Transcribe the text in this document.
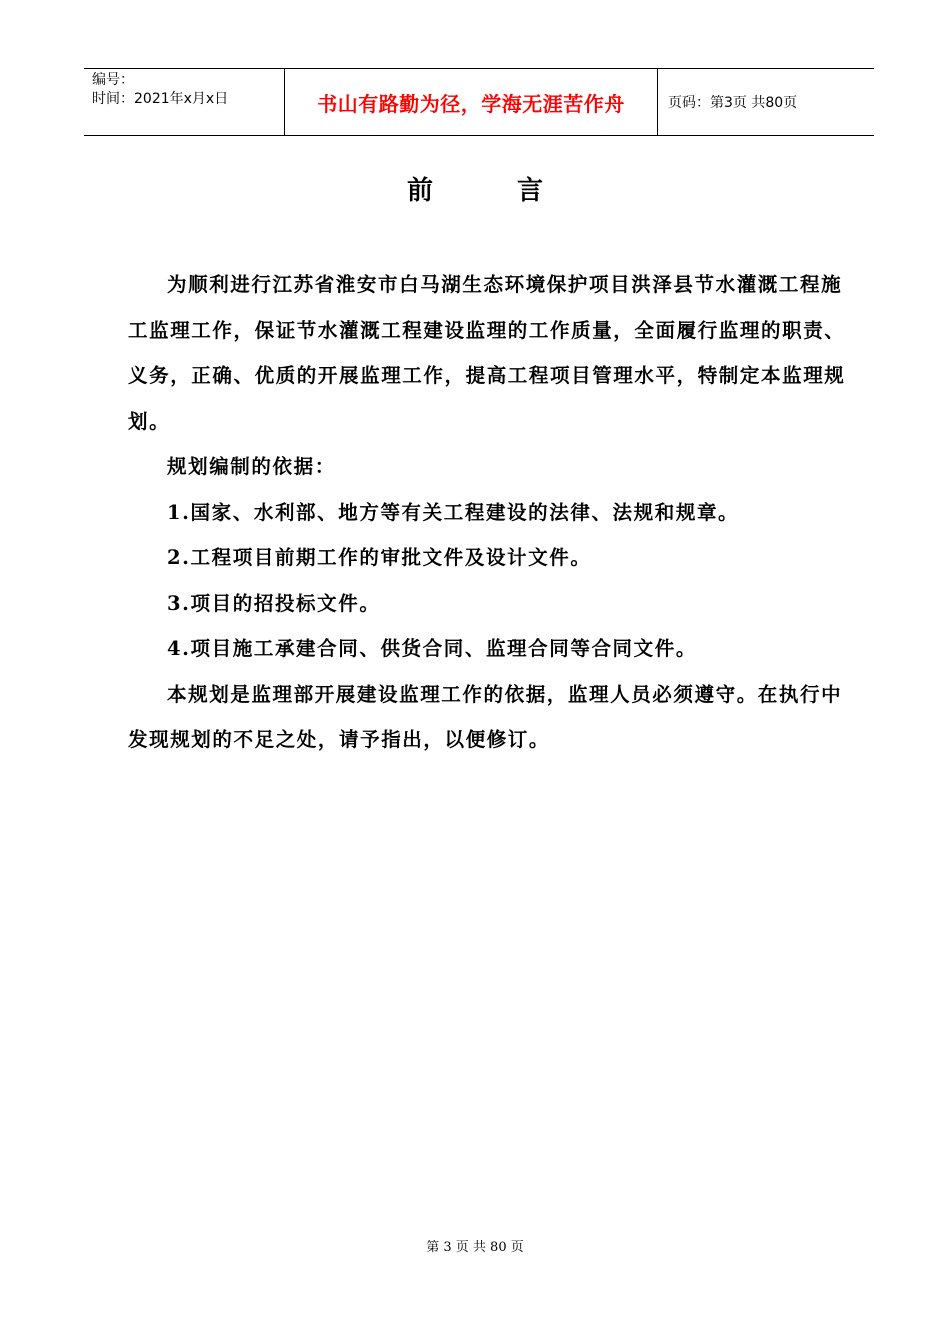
编号：
时间：2021年x月x日	书山有路勤为径，学海无涯苦作舟	页码：第3页 共80页
前言

为顺利进行江苏省淮安市白马湖生态环境保护项目洪泽县节水灌溉工程施工监理工作，保证节水灌溉工程建设监理的工作质量，全面履行监理的职责、义务，正确、优质的开展监理工作，提高工程项目管理水平，特制定本监理规划。

规划编制的依据：

1.国家、水利部、地方等有关工程建设的法律、法规和规章。

2.工程项目前期工作的审批文件及设计文件。

3.项目的招投标文件。

4.项目施工承建合同、供货合同、监理合同等合同文件。

本规划是监理部开展建设监理工作的依据，监理人员必须遵守。在执行中发现规划的不足之处，请予指出，以便修订。

第 3 页 共 80 页
